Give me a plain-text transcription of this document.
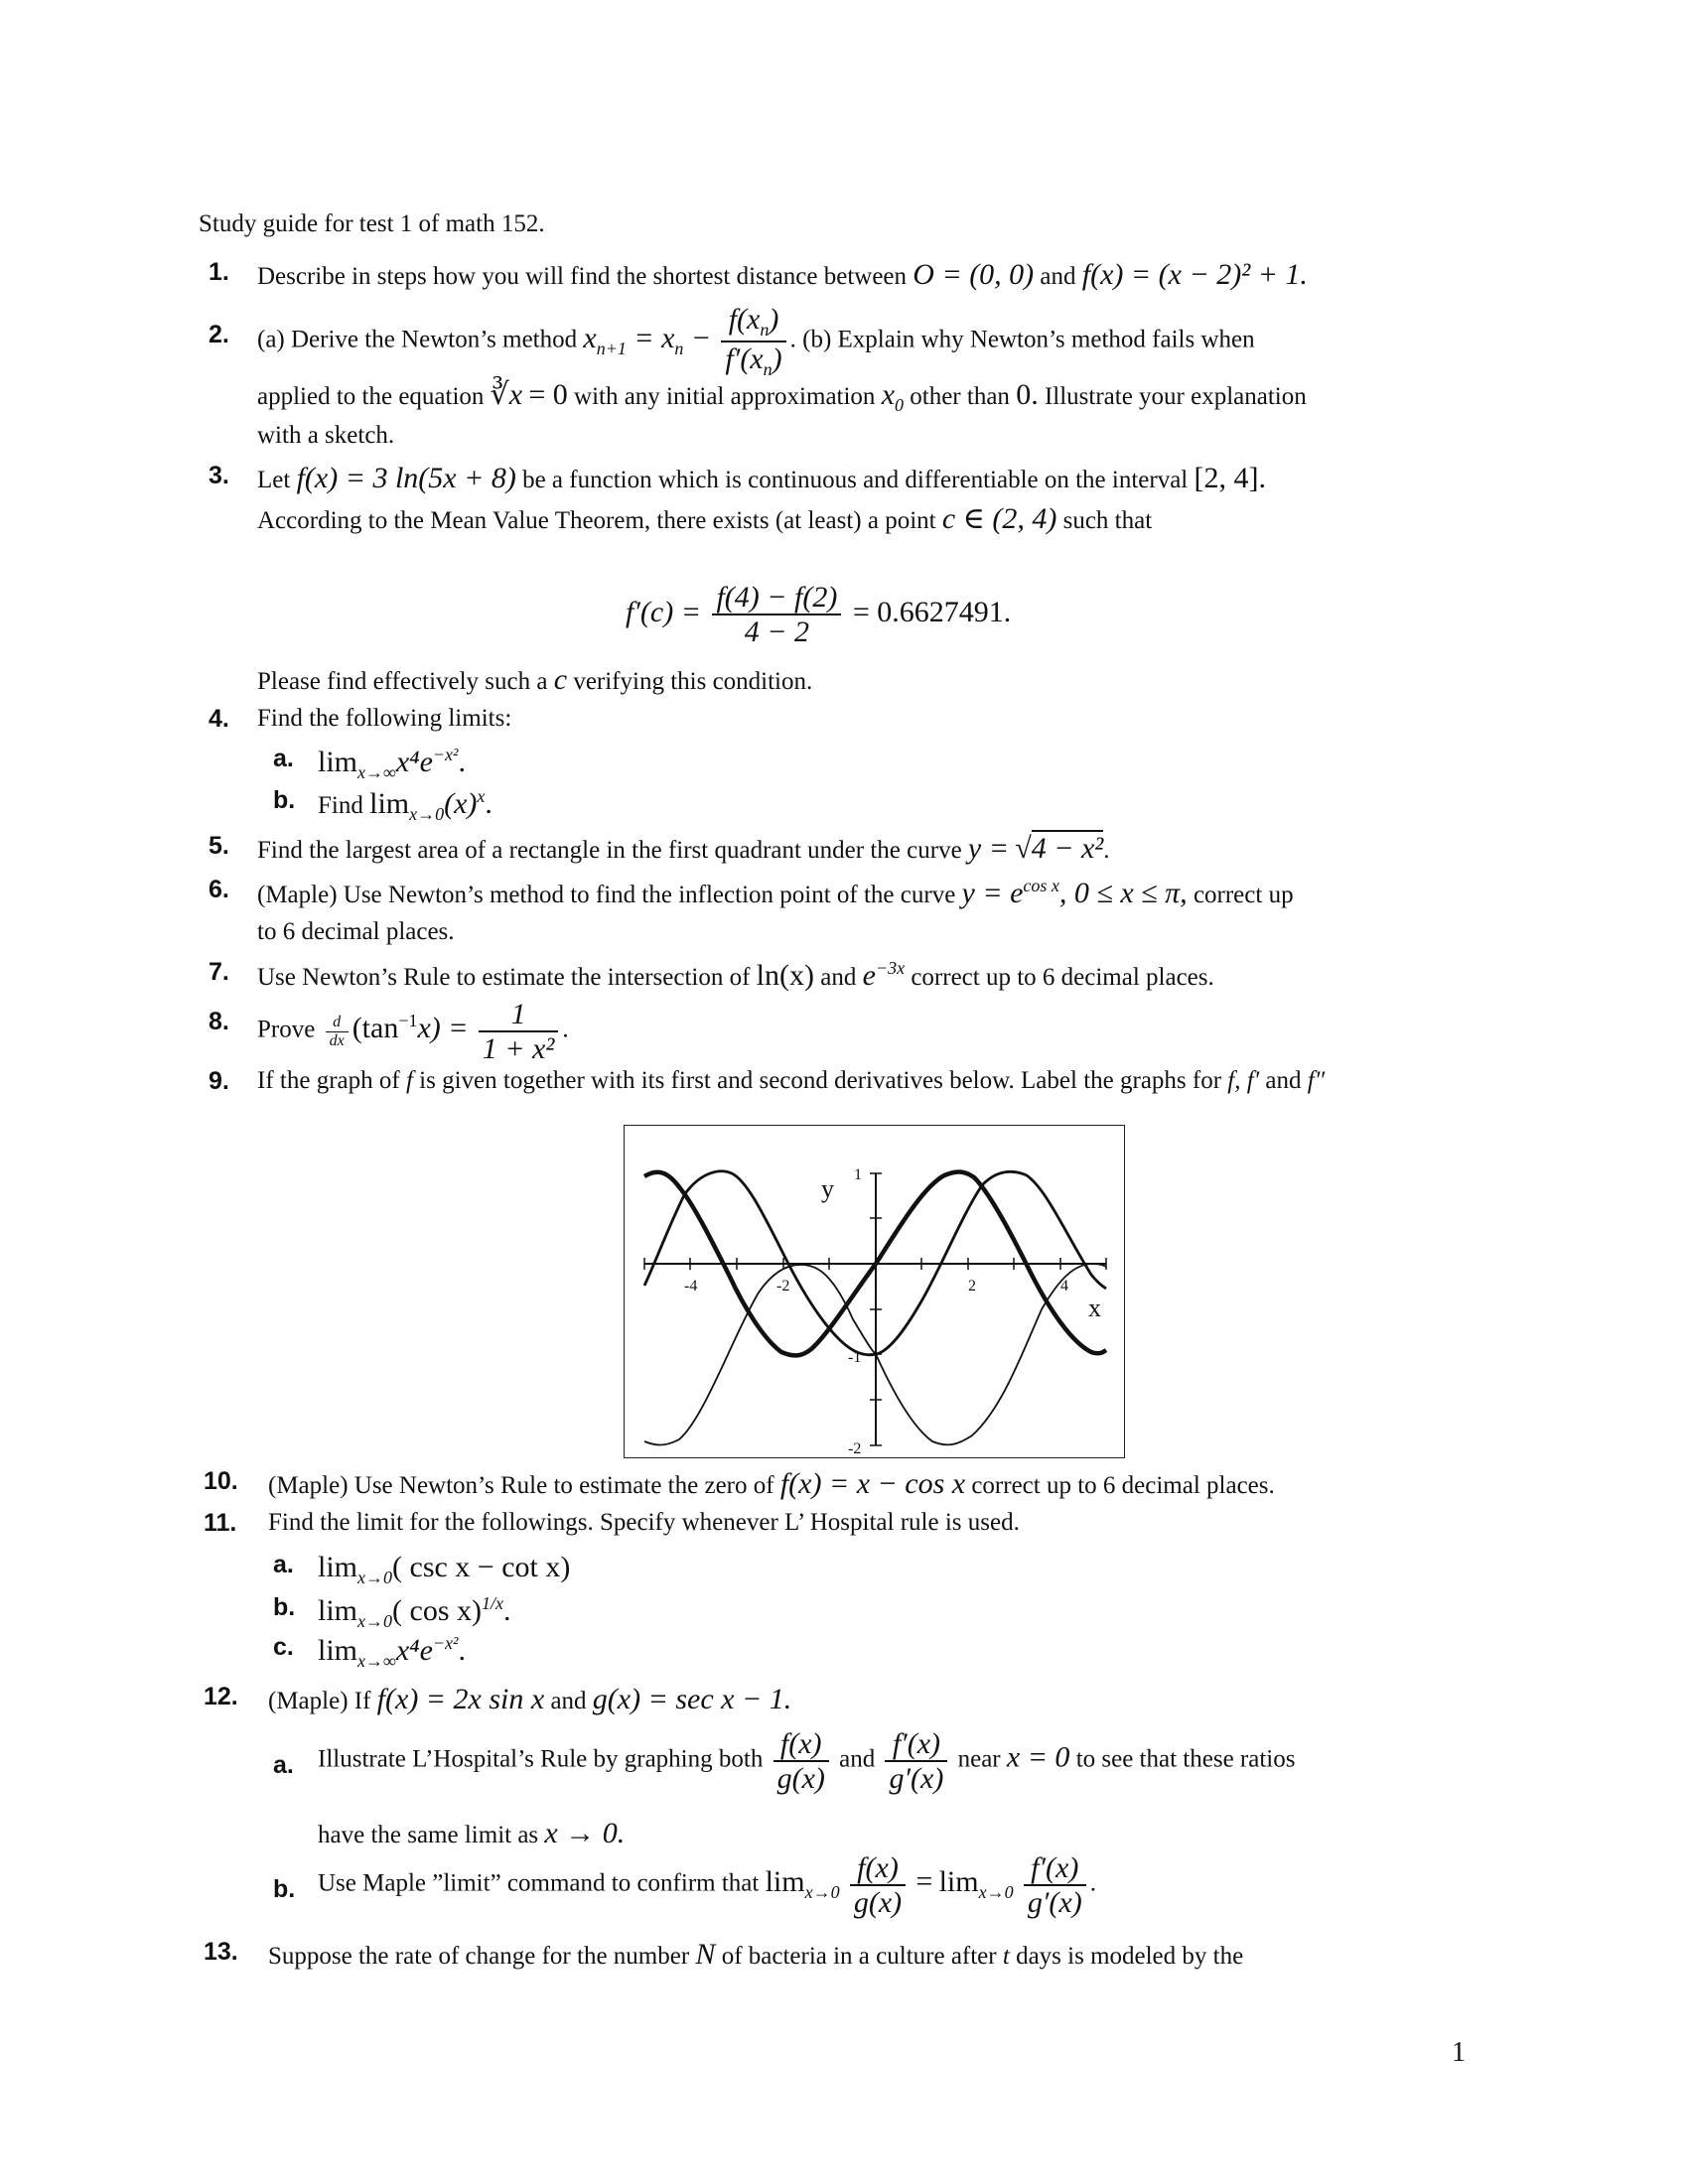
Study guide for test 1 of math 152.
1. Describe in steps how you will find the shortest distance between O = (0, 0) and f(x) = (x − 2)² + 1.
2. (a) Derive the Newton’s method $x_{n+1} = x_n - \frac{f(x_n)}{f'(x_n)}$ . (b) Explain why Newton’s method fails when
applied to the equation ∛x = 0 with any initial approximation $x_0$ other than 0. Illustrate your explanation
with a sketch.
3. Let f(x) = 3 ln(5x + 8) be a function which is continuous and differentiable on the interval [2, 4].
According to the Mean Value Theorem, there exists (at least) a point c ∈ (2, 4) such that
$f'(c) = \frac{f(4) - f(2)}{4 - 2} = 0.6627491$.
Please find effectively such a c verifying this condition.
4. Find the following limits:
a. $\lim_{x\to\infty}x^4e^{-x^2}$.
b. Find $\lim_{x\to 0}(x)^x$.
5. Find the largest area of a rectangle in the first quadrant under the curve y = √4 − x².
6. (Maple) Use Newton’s method to find the inflection point of the curve $y = e^{cos x}$, 0 ≤ x ≤ π, correct up
to 6 decimal places.
7. Use Newton’s Rule to estimate the intersection of ln(x) and $e^{-3x}$ correct up to 6 decimal places.
8. Prove $\frac{d}{dx} (\tan^{-1}x) = \frac{1}{\text{1 + x²}}$ .
9. If the graph of f is given together with its first and second derivatives below. Label the graphs for f, f′ and f″
-4	-2	2	4
1
-1
-2
y
x
10. (Maple) Use Newton’s Rule to estimate the zero of f(x) = x − cos x correct up to 6 decimal places.
11. Find the limit for the followings. Specify whenever L’ Hospital rule is used.
a. $\lim_{x\to 0}$( csc x − cot x)
b. $\lim_{x\to 0}$( cos x)$^{1/x}$.
c. $\lim_{x\to\infty}x^4e^{-x^2}$.
12. (Maple) If f(x) = 2x sin x and g(x) = sec x − 1.
a. Illustrate L’Hospital’s Rule by graphing both $\frac{f(x)}{g(x)}$ and $\frac{f'(x)}{g'(x)}$ near x = 0 to see that these ratios
have the same limit as x → 0.
b. Use Maple ”limit” command to confirm that $\lim_{x\to 0} \frac{f(x)}{g(x)} = \lim_{x\to 0} \frac{f'(x)}{g'(x)}$ .
13. Suppose the rate of change for the number N of bacteria in a culture after t days is modeled by the
1
